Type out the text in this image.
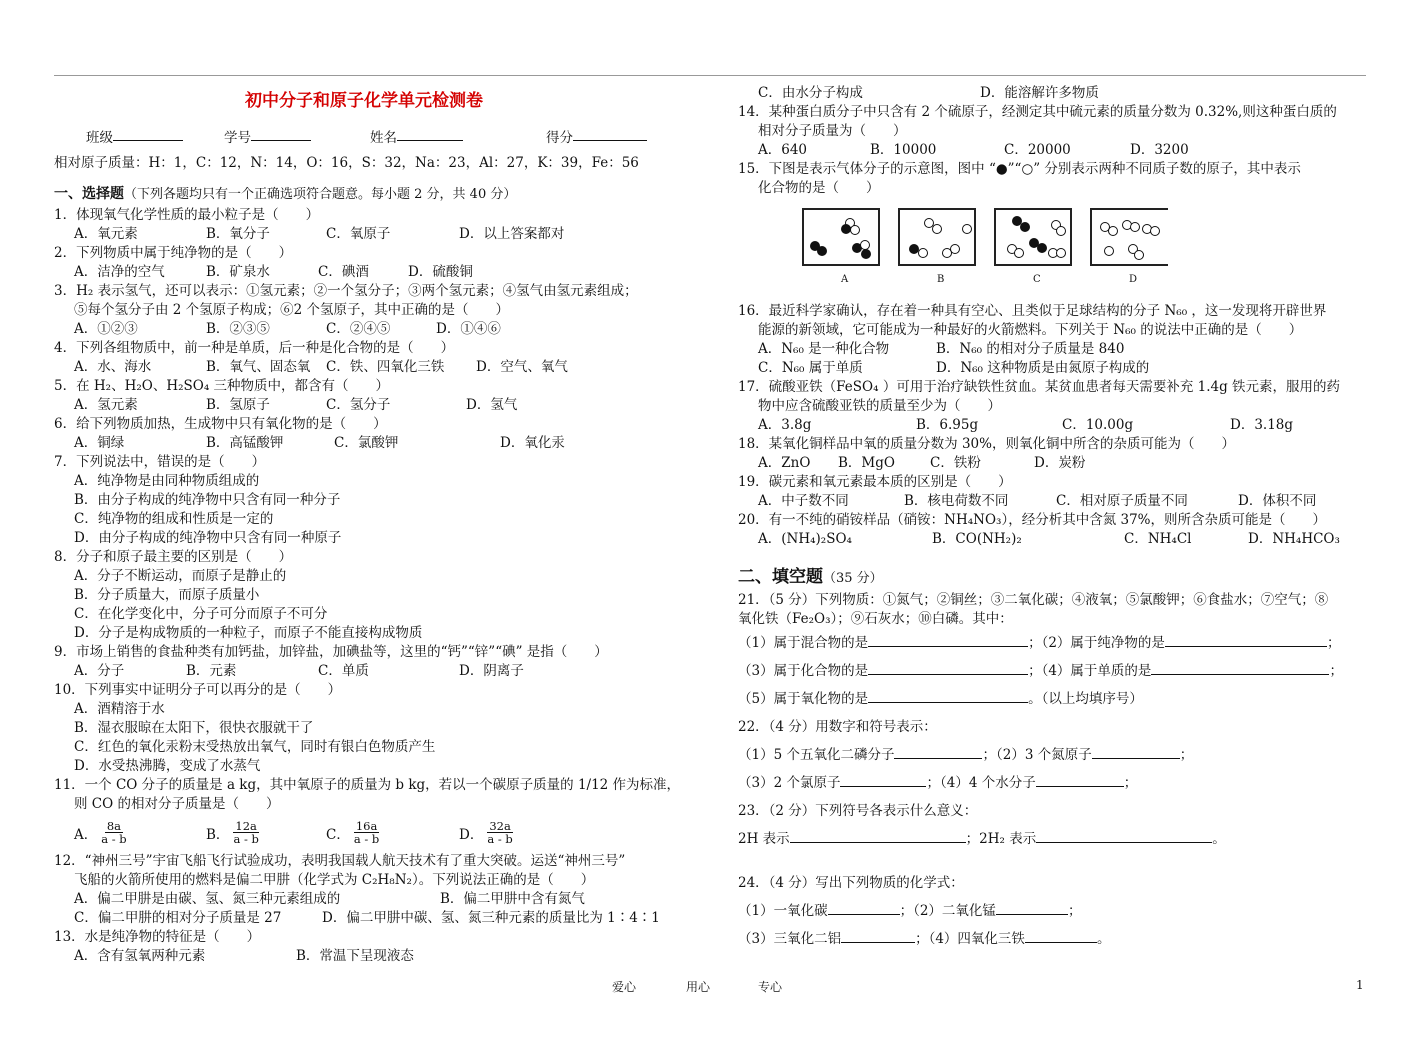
初中分子和原子化学单元检测卷
班级	学号	姓名	得分
相对原子质量：H：1，C：12，N：14，O：16，S：32，Na：23，Al：27，K：39，Fe：56
一、选择题（下列各题均只有一个正确选项符合题意。每小题 2 分，共 40 分）
1．体现氧气化学性质的最小粒子是（　　）
A．氧元素	B．氧分子	C．氧原子	D．以上答案都对
2．下列物质中属于纯净物的是（　　）
A．洁净的空气	B．矿泉水	C．碘酒	D．硫酸铜
3．H₂ 表示氢气，还可以表示：①氢元素；②一个氢分子；③两个氢元素；④氢气由氢元素组成；
⑤每个氢分子由 2 个氢原子构成；⑥2 个氢原子，其中正确的是（　　）
A．①②③	B．②③⑤	C．②④⑤	D．①④⑥
4．下列各组物质中，前一种是单质，后一种是化合物的是（　　）
A．水、海水	B．氧气、固态氧 C．铁、四氧化三铁 D．空气、氧气
5．在 H₂、H₂O、H₂SO₄ 三种物质中，都含有（　　）
A．氢元素	B．氢原子	C．氢分子	D．氢气
6．给下列物质加热，生成物中只有氧化物的是（　　）
A．铜绿	B．高锰酸钾	C．氯酸钾	D．氧化汞
7．下列说法中，错误的是（　　）
A．纯净物是由同种物质组成的
B．由分子构成的纯净物中只含有同一种分子
C．纯净物的组成和性质是一定的
D．由分子构成的纯净物中只含有同一种原子
8．分子和原子最主要的区别是（　　）
A．分子不断运动，而原子是静止的
B．分子质量大，而原子质量小
C．在化学变化中，分子可分而原子不可分
D．分子是构成物质的一种粒子，而原子不能直接构成物质
9．市场上销售的食盐种类有加钙盐，加锌盐，加碘盐等，这里的“钙”“锌”“碘” 是指（　　）
A．分子	B．元素	C．单质	D．阴离子
10．下列事实中证明分子可以再分的是（　　）
A．酒精溶于水
B．湿衣服晾在太阳下，很快衣服就干了
C．红色的氧化汞粉末受热放出氧气，同时有银白色物质产生
D．水受热沸腾，变成了水蒸气
11．一个 CO 分子的质量是 a kg，其中氧原子的质量为 b kg，若以一个碳原子质量的 1/12 作为标准，
则 CO 的相对分子质量是（　　）
A． $\frac{8a}{a - b}$	B． $\frac{12a}{a - b}$	C． $\frac{16a}{a - b}$	D． $\frac{32a}{a - b}$
12．“神州三号”宇宙飞船飞行试验成功，表明我国载人航天技术有了重大突破。运送“神州三号”
飞船的火箭所使用的燃料是偏二甲肼（化学式为 C₂H₈N₂）。下列说法正确的是（　　）
A．偏二甲肼是由碳、氢、氮三种元素组成的	B．偏二甲肼中含有氮气
C．偏二甲肼的相对分子质量是 27	D．偏二甲肼中碳、氢、氮三种元素的质量比为 1∶4∶1
13．水是纯净物的特征是（　　）
A．含有氢氧两种元素	B．常温下呈现液态
C．由水分子构成	D．能溶解许多物质
14．某种蛋白质分子中只含有 2 个硫原子，经测定其中硫元素的质量分数为 0.32%,则这种蛋白质的
相对分子质量为（　　）
A．640	B．10000	C．20000	D．3200
15．下图是表示气体分子的示意图，图中 “●”“○” 分别表示两种不同质子数的原子，其中表示
化合物的是（　　）
A	B	C	D
16．最近科学家确认，存在着一种具有空心、且类似于足球结构的分子 N₆₀ ，这一发现将开辟世界
能源的新领域，它可能成为一种最好的火箭燃料。下列关于 N₆₀ 的说法中正确的是（　　）
A．N₆₀ 是一种化合物	B．N₆₀ 的相对分子质量是 840
C．N₆₀ 属于单质	D．N₆₀ 这种物质是由氮原子构成的
17．硫酸亚铁（FeSO₄ ）可用于治疗缺铁性贫血。某贫血患者每天需要补充 1.4g 铁元素，服用的药
物中应含硫酸亚铁的质量至少为（　　）
A．3.8g	B．6.95g	C．10.00g	D．3.18g
18．某氧化铜样品中氧的质量分数为 30%，则氧化铜中所含的杂质可能为（　　）
A．ZnO B．MgO	C．铁粉	D．炭粉
19．碳元素和氧元素最本质的区别是（　　）
A．中子数不同	B．核电荷数不同	C．相对原子质量不同	D．体积不同
20．有一不纯的硝铵样品（硝铵：NH₄NO₃），经分析其中含氮 37%，则所含杂质可能是（　　）
A．(NH₄)₂SO₄	B．CO(NH₂)₂	C．NH₄Cl	D．NH₄HCO₃
二、填空题（35 分）
21．（5 分）下列物质：①氮气；②铜丝；③二氧化碳；④液氧；⑤氯酸钾；⑥食盐水；⑦空气；⑧
氧化铁（Fe₂O₃）；⑨石灰水；⑩白磷。其中：
（1）属于混合物的是	；（2）属于纯净物的是	；
（3）属于化合物的是	；（4）属于单质的是	；
（5）属于氧化物的是	。（以上均填序号）
22．（4 分）用数字和符号表示：
（1）5 个五氧化二磷分子	；（2）3 个氮原子	；
（3）2 个氯原子	；（4）4 个水分子	；
23．（2 分）下列符号各表示什么意义：
2H 表示	；2H₂ 表示	。
24．（4 分）写出下列物质的化学式：
（1）一氧化碳	；（2）二氧化锰	；
（3）三氧化二铝	；（4）四氧化三铁	。
爱心	用心	专心	1
